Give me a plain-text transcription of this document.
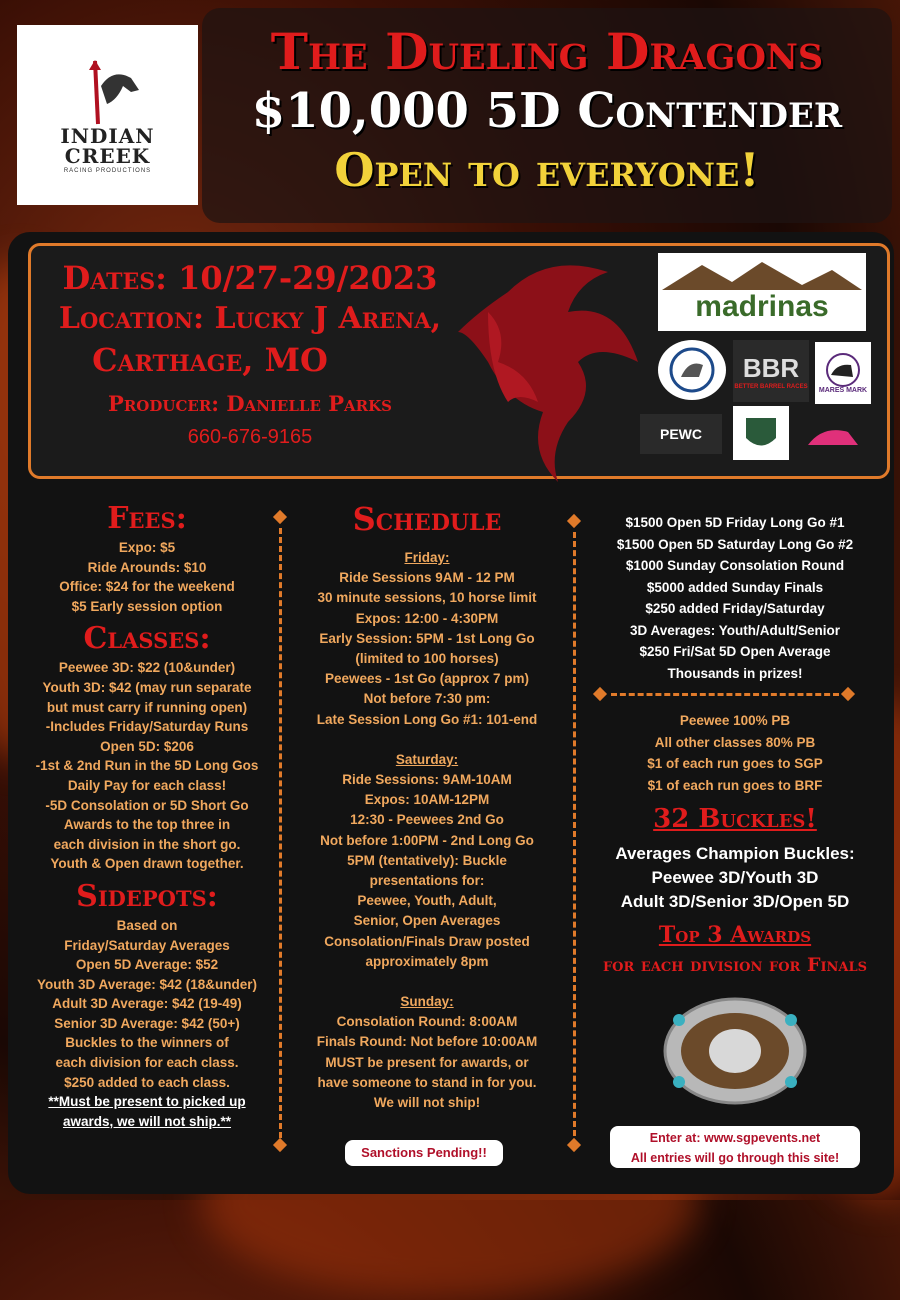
INDIAN
CREEK
RACING PRODUCTIONS
The Dueling Dragons
$10,000 5D Contender
Open to everyone!
Dates: 10/27-29/2023
Location: Lucky J Arena,
Carthage, MO
Producer: Danielle Parks
660-676-9165
madrinas
BBR
BETTER BARREL RACES MARES MARK
PEWC
Fees:

Expo: $5

Ride Arounds: $10

Office: $24 for the weekend

$5 Early session option

Classes:

Peewee 3D: $22 (10&under)

Youth 3D: $42 (may run separate

but must carry if running open)

-Includes Friday/Saturday Runs

Open 5D: $206

-1st & 2nd Run in the 5D Long Gos

Daily Pay for each class!

-5D Consolation or 5D Short Go

Awards to the top three in

each division in the short go.

Youth & Open drawn together.

Sidepots:

Based on

Friday/Saturday Averages

Open 5D Average: $52

Youth 3D Average: $42 (18&under)

Adult 3D Average: $42 (19-49)

Senior 3D Average: $42 (50+)

Buckles to the winners of

each division for each class.

$250 added to each class.

**Must be present to picked up

awards, we will not ship.**

Schedule

Friday:

Ride Sessions 9AM - 12 PM

30 minute sessions, 10 horse limit

Expos: 12:00 - 4:30PM

Early Session: 5PM - 1st Long Go

(limited to 100 horses)

Peewees - 1st Go (approx 7 pm)

Not before 7:30 pm:

Late Session Long Go #1: 101-end

Saturday:

Ride Sessions: 9AM-10AM

Expos: 10AM-12PM

12:30 - Peewees 2nd Go

Not before 1:00PM - 2nd Long Go

5PM (tentatively): Buckle

presentations for:

Peewee, Youth, Adult,

Senior, Open Averages

Consolation/Finals Draw posted

approximately 8pm

Sunday:

Consolation Round: 8:00AM

Finals Round: Not before 10:00AM

MUST be present for awards, or

have someone to stand in for you.

We will not ship!

Sanctions Pending!!

$1500 Open 5D Friday Long Go #1

$1500 Open 5D Saturday Long Go #2

$1000 Sunday Consolation Round

$5000 added Sunday Finals

$250 added Friday/Saturday

3D Averages: Youth/Adult/Senior

$250 Fri/Sat 5D Open Average

Thousands in prizes!

Peewee 100% PB

All other classes 80% PB

$1 of each run goes to SGP

$1 of each run goes to BRF

32 Buckles!

Averages Champion Buckles:

Peewee 3D/Youth 3D

Adult 3D/Senior 3D/Open 5D

Top 3 Awards
for each division for Finals
Enter at: www.sgpevents.net
All entries will go through this site!
